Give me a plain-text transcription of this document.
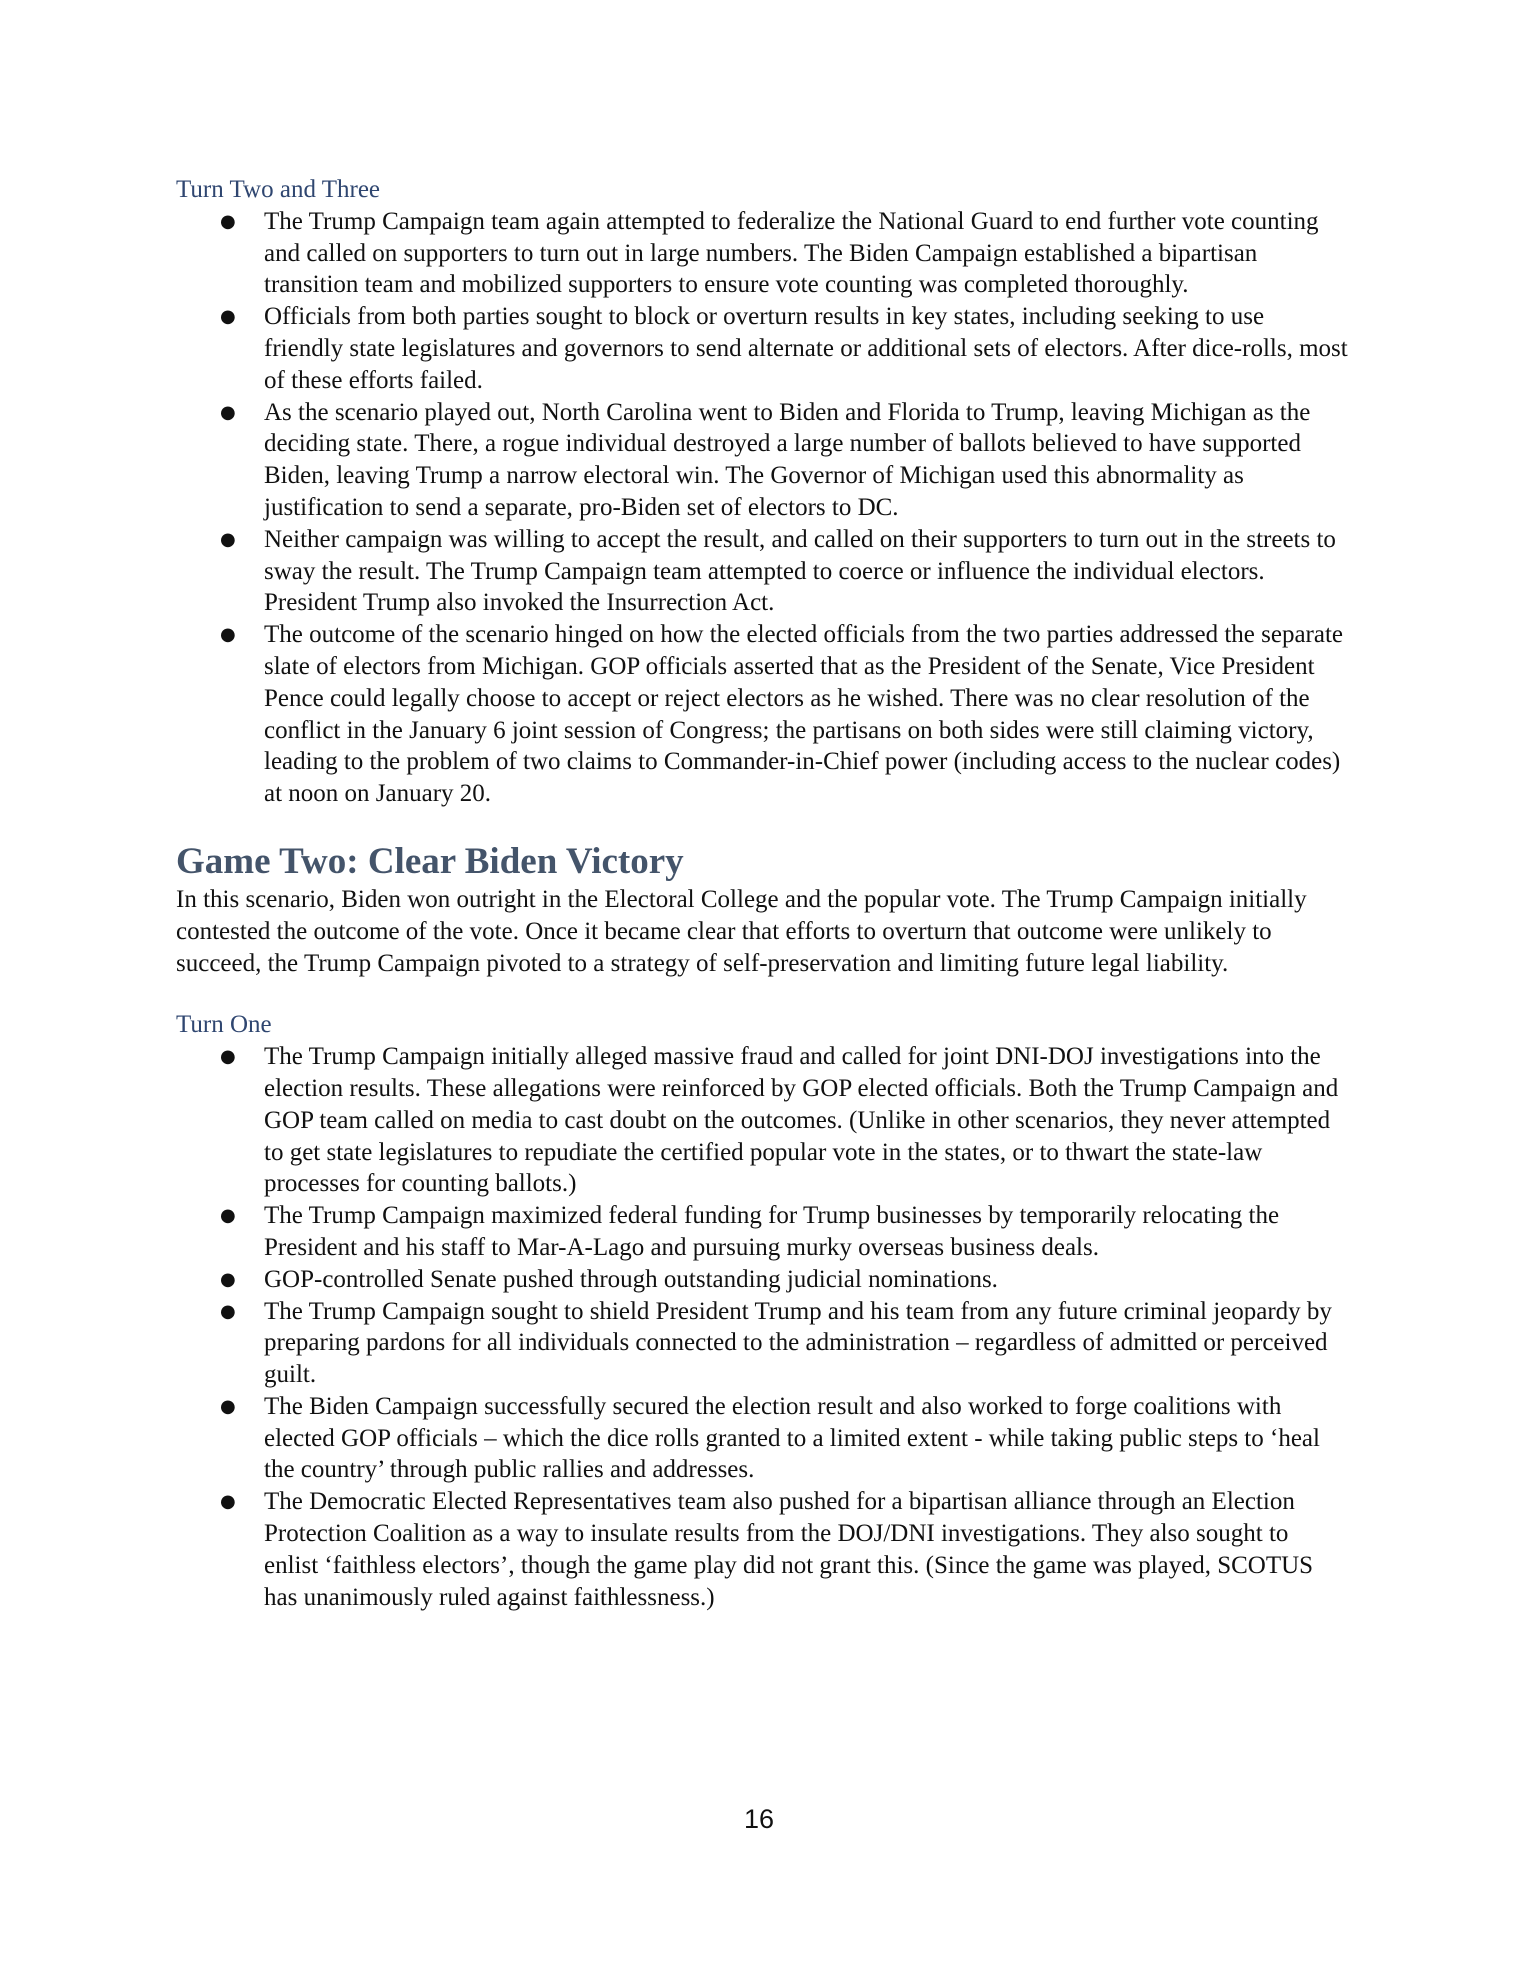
Turn Two and Three
● The Trump Campaign team again attempted to federalize the National Guard to end further vote counting and called on supporters to turn out in large numbers. The Biden Campaign established a bipartisan transition team and mobilized supporters to ensure vote counting was completed thoroughly.
● Officials from both parties sought to block or overturn results in key states, including seeking to use friendly state legislatures and governors to send alternate or additional sets of electors. After dice-rolls, most of these efforts failed.
● As the scenario played out, North Carolina went to Biden and Florida to Trump, leaving Michigan as the deciding state. There, a rogue individual destroyed a large number of ballots believed to have supported Biden, leaving Trump a narrow electoral win. The Governor of Michigan used this abnormality as justification to send a separate, pro-Biden set of electors to DC.
● Neither campaign was willing to accept the result, and called on their supporters to turn out in the streets to sway the result. The Trump Campaign team attempted to coerce or influence the individual electors. President Trump also invoked the Insurrection Act.
● The outcome of the scenario hinged on how the elected officials from the two parties addressed the separate slate of electors from Michigan. GOP officials asserted that as the President of the Senate, Vice President Pence could legally choose to accept or reject electors as he wished. There was no clear resolution of the conflict in the January 6 joint session of Congress; the partisans on both sides were still claiming victory, leading to the problem of two claims to Commander-in-Chief power (including access to the nuclear codes) at noon on January 20.
Game Two: Clear Biden Victory

In this scenario, Biden won outright in the Electoral College and the popular vote. The Trump Campaign initially contested the outcome of the vote. Once it became clear that efforts to overturn that outcome were unlikely to succeed, the Trump Campaign pivoted to a strategy of self-preservation and limiting future legal liability.

Turn One
● The Trump Campaign initially alleged massive fraud and called for joint DNI-DOJ investigations into the election results. These allegations were reinforced by GOP elected officials. Both the Trump Campaign and GOP team called on media to cast doubt on the outcomes. (Unlike in other scenarios, they never attempted to get state legislatures to repudiate the certified popular vote in the states, or to thwart the state-law processes for counting ballots.)
● The Trump Campaign maximized federal funding for Trump businesses by temporarily relocating the President and his staff to Mar-A-Lago and pursuing murky overseas business deals.
● GOP-controlled Senate pushed through outstanding judicial nominations.
● The Trump Campaign sought to shield President Trump and his team from any future criminal jeopardy by preparing pardons for all individuals connected to the administration – regardless of admitted or perceived guilt.
● The Biden Campaign successfully secured the election result and also worked to forge coalitions with elected GOP officials – which the dice rolls granted to a limited extent - while taking public steps to ‘heal the country’ through public rallies and addresses.
● The Democratic Elected Representatives team also pushed for a bipartisan alliance through an Election Protection Coalition as a way to insulate results from the DOJ/DNI investigations. They also sought to enlist ‘faithless electors’, though the game play did not grant this. (Since the game was played, SCOTUS has unanimously ruled against faithlessness.)
16
